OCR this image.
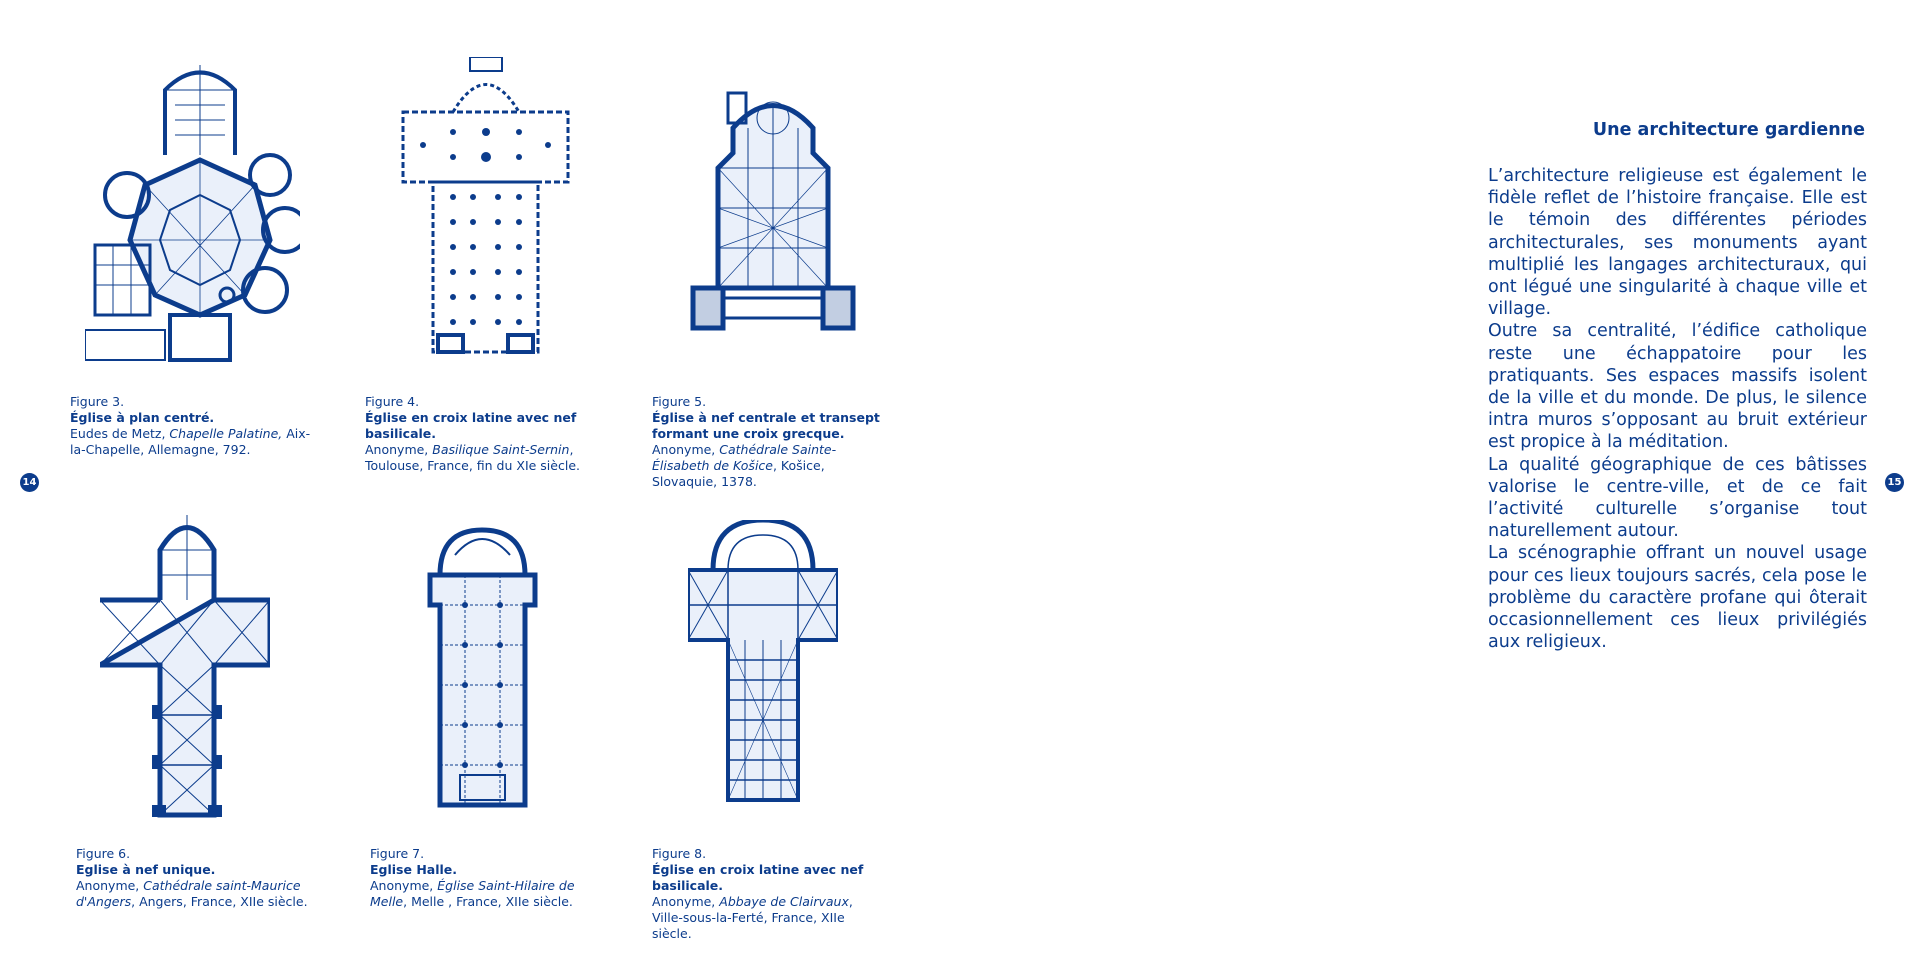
Figure 3.
Église à plan centré.
Eudes de Metz, Chapelle Palatine, Aix-la-Chapelle, Allemagne, 792.
Figure 4.
Église en croix latine avec nef basilicale.
Anonyme, Basilique Saint-Sernin, Toulouse, France, fin du XIe siècle.
Figure 5.
Église à nef centrale et transept formant une croix grecque.
Anonyme, Cathédrale Sainte-Élisabeth de Košice, Košice, Slovaquie, 1378.
Figure 6.
Eglise à nef unique.
Anonyme, Cathédrale saint-Maurice d'Angers, Angers, France, XIIe siècle.
Figure 7.
Eglise Halle.
Anonyme, Église Saint-Hilaire de Melle, Melle , France, XIIe siècle.
Figure 8.
Église en croix latine avec nef basilicale.
Anonyme, Abbaye de Clairvaux, Ville-sous-la-Ferté, France, XIIe siècle.
14	15
Une architecture gardienne

L’architecture religieuse est également le fidèle reflet de l’histoire française. Elle est le témoin des différentes périodes architecturales, ses monuments ayant multiplié les langages architecturaux, qui ont légué une singularité à chaque ville et village.

Outre sa centralité, l’édifice catholique reste une échappatoire pour les pratiquants. Ses espaces massifs isolent de la ville et du monde. De plus, le silence intra muros s’opposant au bruit extérieur est propice à la méditation.

La qualité géographique de ces bâtisses valorise le centre-ville, et de ce fait l’activité culturelle s’organise tout naturellement autour.

La scénographie offrant un nouvel usage pour ces lieux toujours sacrés, cela pose le problème du caractère profane qui ôterait occasionnellement ces lieux privilégiés aux religieux.
